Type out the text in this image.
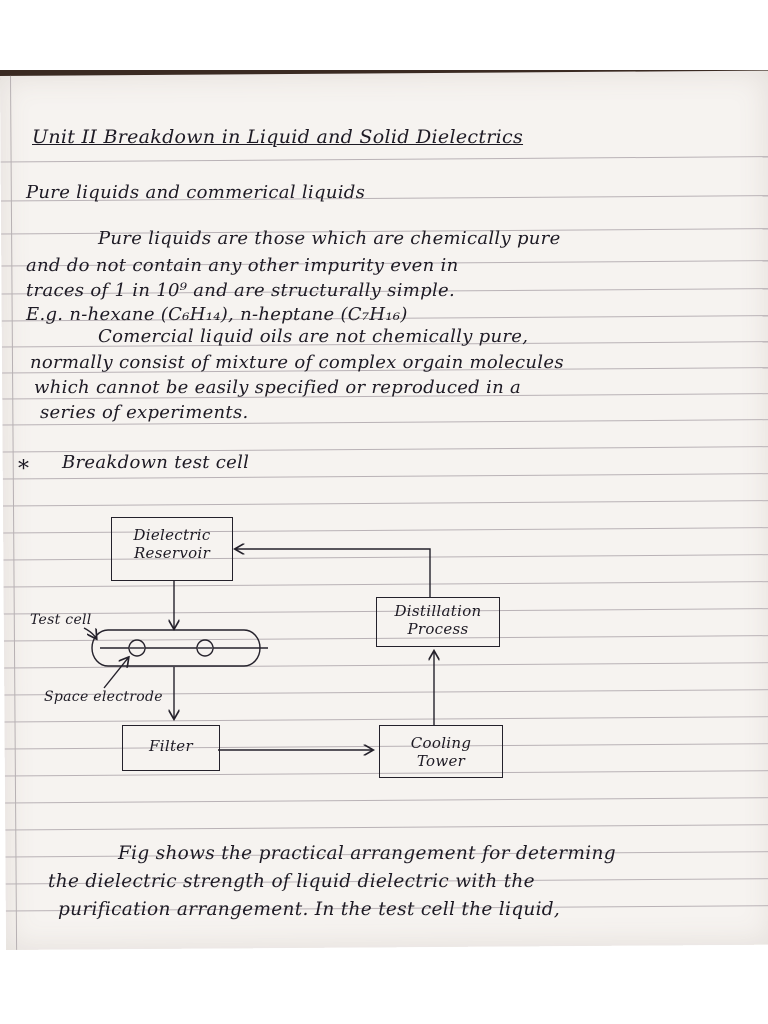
Unit II Breakdown in Liquid and Solid Dielectrics
Pure liquids and commerical liquids
Pure liquids are those which are chemically pure
and do not contain any other impurity even in
traces of 1 in 10⁹ and are structurally simple.
E.g. n-hexane (C₆H₁₄), n-heptane (C₇H₁₆)
Comercial liquid oils are not chemically pure,
normally consist of mixture of complex orgain molecules
which cannot be easily specified or reproduced in a
series of experiments.
* Breakdown test cell
Dielectric
Reservoir
Distillation
Process
Filter	Cooling
Tower
Test cell
Space electrode
Fig shows the practical arrangement for determing
the dielectric strength of liquid dielectric with the
purification arrangement. In the test cell the liquid,
